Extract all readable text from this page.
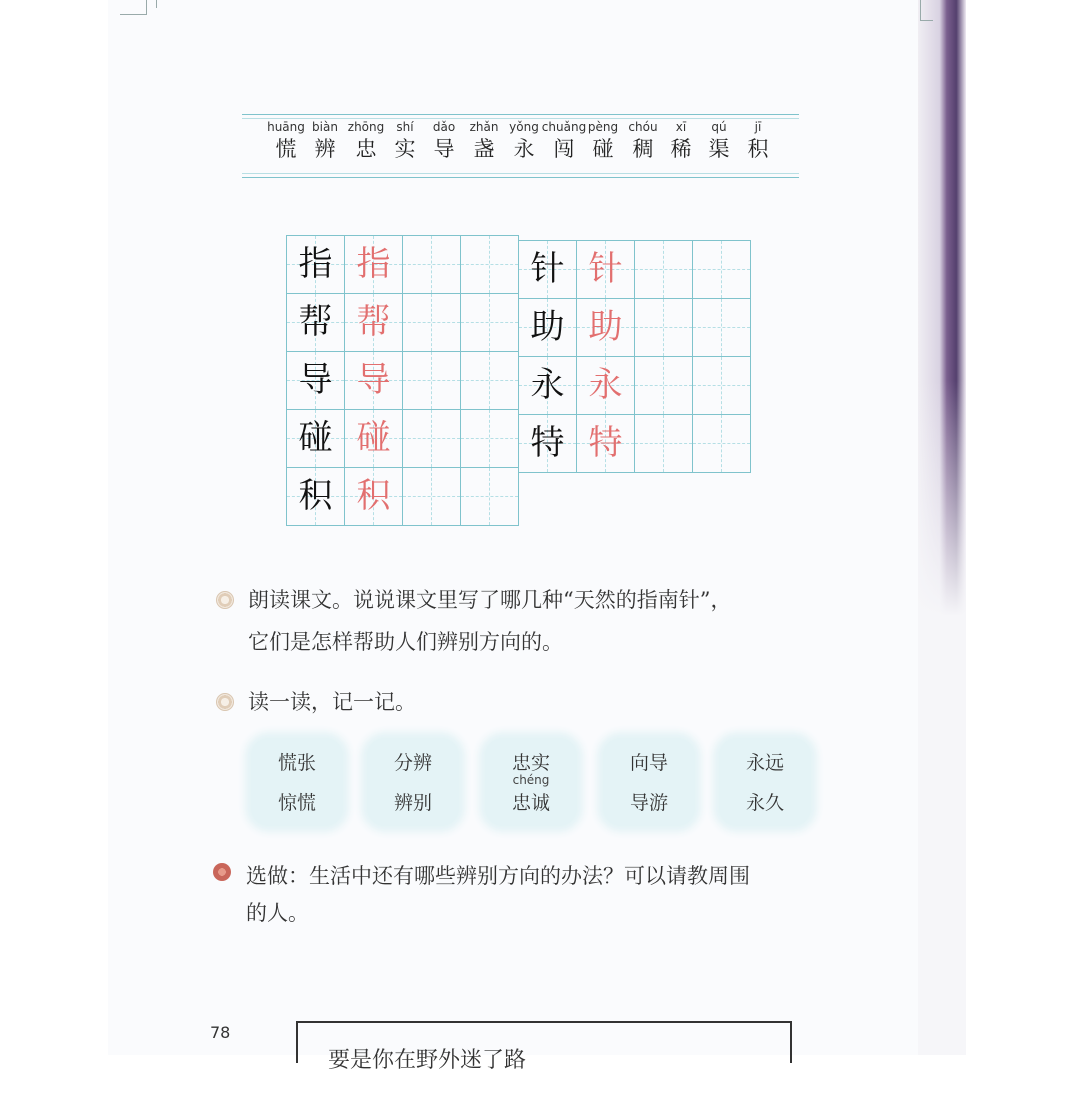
huāng
慌
biàn
辨
zhōng
忠
shí
实
dǎo
导
zhǎn
盏
yǒng
永
chuǎng
闯
pèng
碰
chóu
稠
xī
稀
qú
渠
jī
积
指 指
帮 帮
导 导
碰 碰
积 积
针 针
助 助
永 永
特 特
朗读课文。说说课文里写了哪几种“天然的指南针”，
它们是怎样帮助人们辨别方向的。
读一读，记一记。
慌张
惊慌
分辨
辨别
忠实
chéng
忠诚
向导
导游
永远
永久
选做：生活中还有哪些辨别方向的办法？可以请教周围
的人。
78
要是你在野外迷了路
